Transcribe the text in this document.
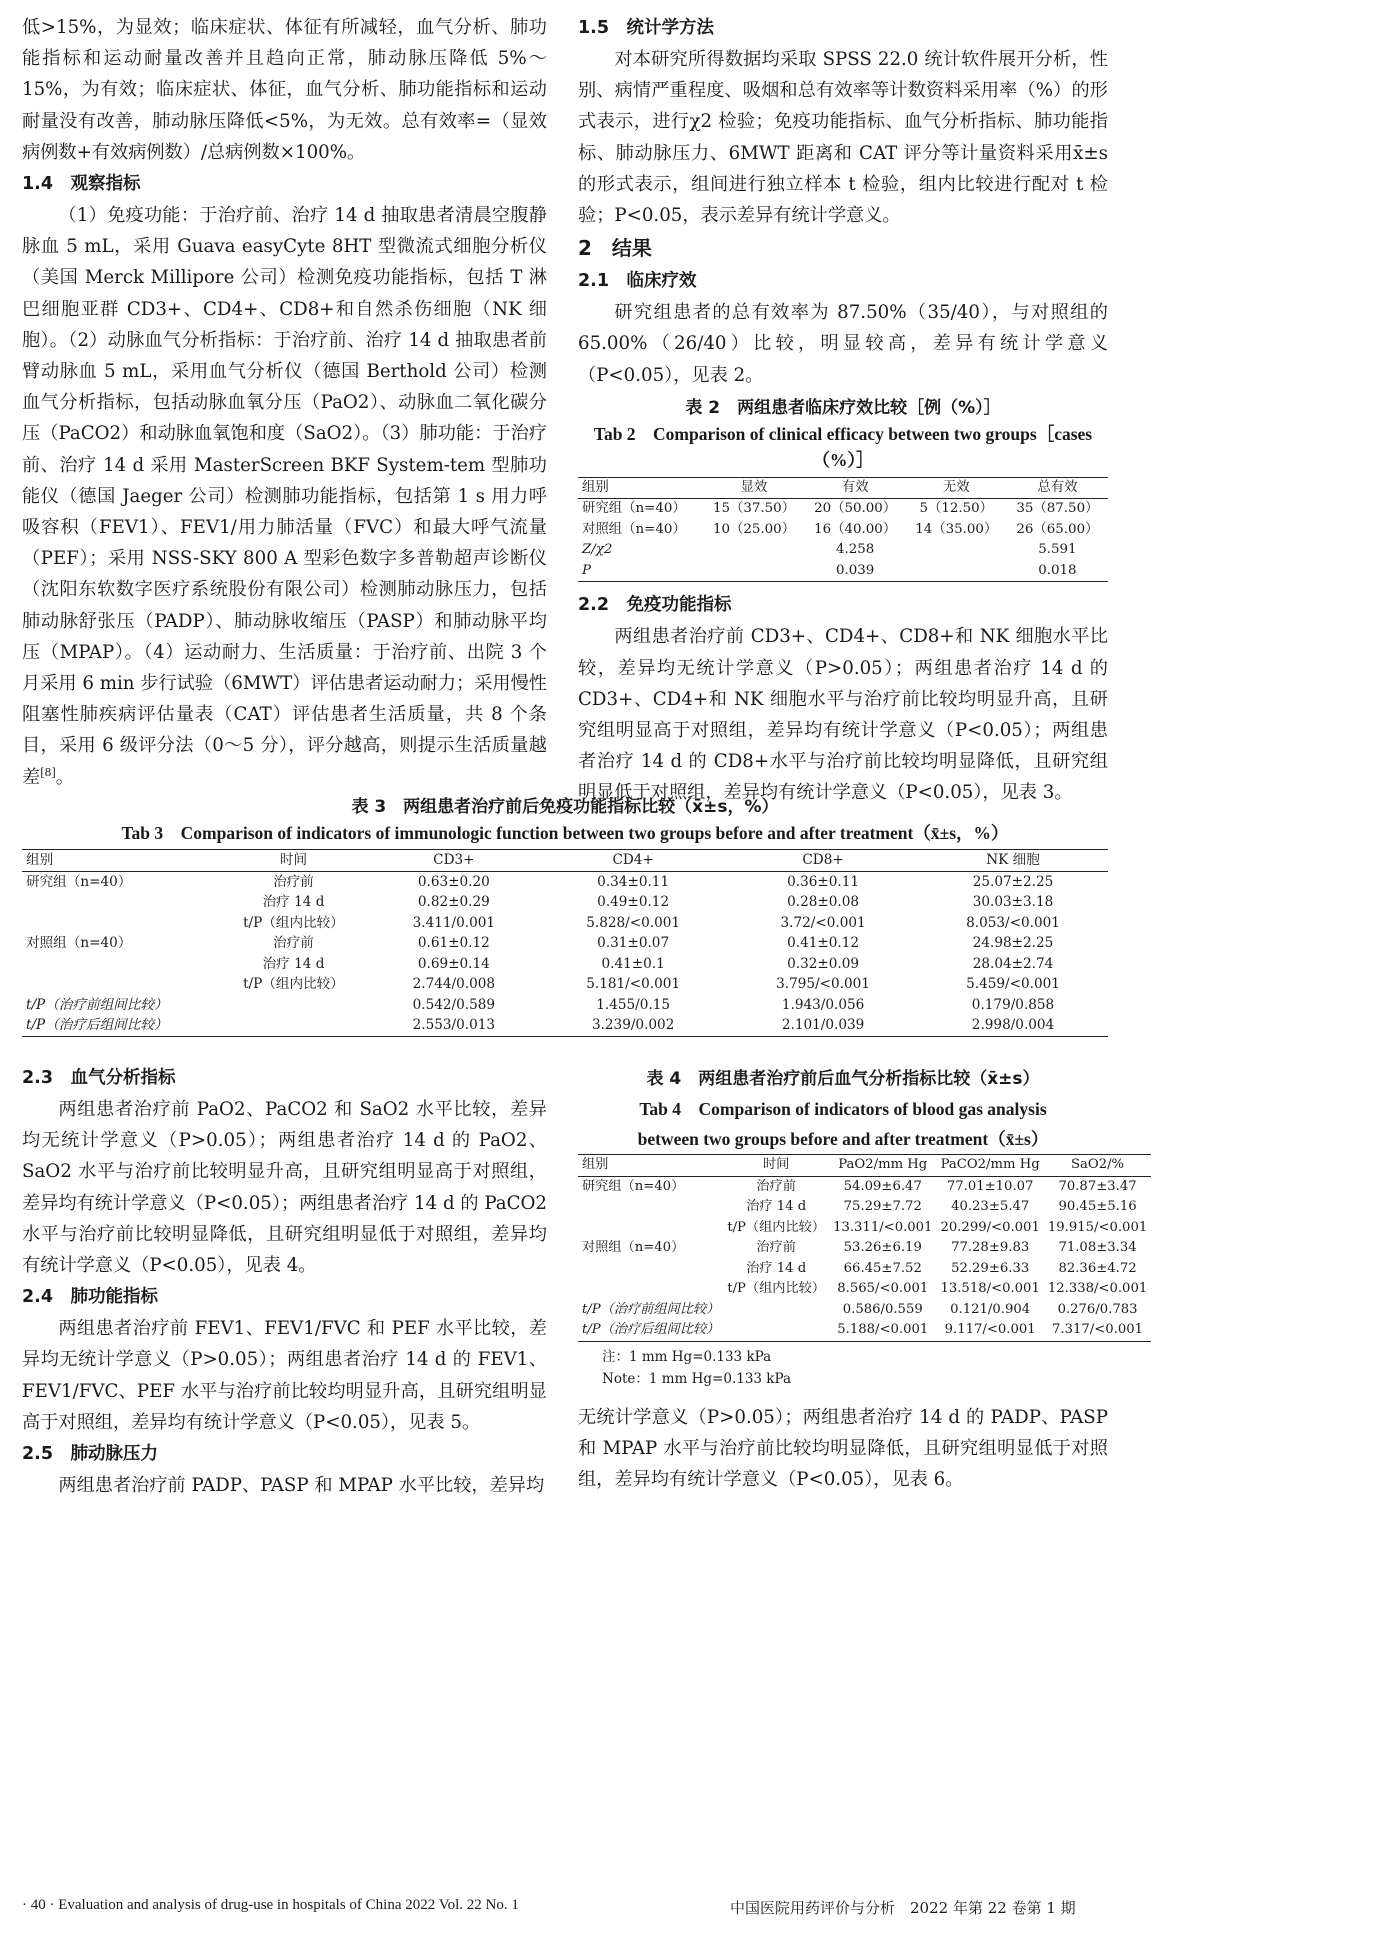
低>15%，为显效；临床症状、体征有所减轻，血气分析、肺功能指标和运动耐量改善并且趋向正常，肺动脉压降低 5%～15%，为有效；临床症状、体征，血气分析、肺功能指标和运动耐量没有改善，肺动脉压降低<5%，为无效。总有效率=（显效病例数+有效病例数）/总病例数×100%。

1.4　观察指标

（1）免疫功能：于治疗前、治疗 14 d 抽取患者清晨空腹静脉血 5 mL，采用 Guava easyCyte 8HT 型微流式细胞分析仪（美国 Merck Millipore 公司）检测免疫功能指标，包括 T 淋巴细胞亚群 CD3+、CD4+、CD8+和自然杀伤细胞（NK 细胞）。（2）动脉血气分析指标：于治疗前、治疗 14 d 抽取患者前臂动脉血 5 mL，采用血气分析仪（德国 Berthold 公司）检测血气分析指标，包括动脉血氧分压（PaO2）、动脉血二氧化碳分压（PaCO2）和动脉血氧饱和度（SaO2）。（3）肺功能：于治疗前、治疗 14 d 采用 MasterScreen BKF System-tem 型肺功能仪（德国 Jaeger 公司）检测肺功能指标，包括第 1 s 用力呼吸容积（FEV1）、FEV1/用力肺活量（FVC）和最大呼气流量（PEF）；采用 NSS-SKY 800 A 型彩色数字多普勒超声诊断仪（沈阳东软数字医疗系统股份有限公司）检测肺动脉压力，包括肺动脉舒张压（PADP）、肺动脉收缩压（PASP）和肺动脉平均压（MPAP）。（4）运动耐力、生活质量：于治疗前、出院 3 个月采用 6 min 步行试验（6MWT）评估患者运动耐力；采用慢性阻塞性肺疾病评估量表（CAT）评估患者生活质量，共 8 个条目，采用 6 级评分法（0～5 分），评分越高，则提示生活质量越差[8]。

1.5　统计学方法

对本研究所得数据均采取 SPSS 22.0 统计软件展开分析，性别、病情严重程度、吸烟和总有效率等计数资料采用率（%）的形式表示，进行χ2 检验；免疫功能指标、血气分析指标、肺功能指标、肺动脉压力、6MWT 距离和 CAT 评分等计量资料采用x̄±s 的形式表示，组间进行独立样本 t 检验，组内比较进行配对 t 检验；P<0.05，表示差异有统计学意义。

2　结果
2.1　临床疗效

研究组患者的总有效率为 87.50%（35/40），与对照组的 65.00%（26/40）比较，明显较高，差异有统计学意义（P<0.05），见表 2。

表 2　两组患者临床疗效比较［例（%）］
Tab 2　Comparison of clinical efficacy between two groups［cases（%）］
组别	显效	有效	无效	总有效
研究组（n=40）	15（37.50）	20（50.00）	5（12.50）	35（87.50）
对照组（n=40）	10（25.00）	16（40.00）	14（35.00）	26（65.00）
Z/χ2		4.258		5.591
P		0.039		0.018
2.2　免疫功能指标

两组患者治疗前 CD3+、CD4+、CD8+和 NK 细胞水平比较，差异均无统计学意义（P>0.05）；两组患者治疗 14 d 的 CD3+、CD4+和 NK 细胞水平与治疗前比较均明显升高，且研究组明显高于对照组，差异均有统计学意义（P<0.05）；两组患者治疗 14 d 的 CD8+水平与治疗前比较均明显降低，且研究组明显低于对照组，差异均有统计学意义（P<0.05），见表 3。

表 3　两组患者治疗前后免疫功能指标比较（x̄±s，%）
Tab 3　Comparison of indicators of immunologic function between two groups before and after treatment（x̄±s，%）
组别	时间	CD3+	CD4+	CD8+	NK 细胞
研究组（n=40）	治疗前	0.63±0.20	0.34±0.11	0.36±0.11	25.07±2.25
	治疗 14 d	0.82±0.29	0.49±0.12	0.28±0.08	30.03±3.18
	t/P（组内比较）	3.411/0.001	5.828/<0.001	3.72/<0.001	8.053/<0.001
对照组（n=40）	治疗前	0.61±0.12	0.31±0.07	0.41±0.12	24.98±2.25
	治疗 14 d	0.69±0.14	0.41±0.1	0.32±0.09	28.04±2.74
	t/P（组内比较）	2.744/0.008	5.181/<0.001	3.795/<0.001	5.459/<0.001
t/P（治疗前组间比较）		0.542/0.589	1.455/0.15	1.943/0.056	0.179/0.858
t/P（治疗后组间比较）		2.553/0.013	3.239/0.002	2.101/0.039	2.998/0.004
2.3　血气分析指标

两组患者治疗前 PaO2、PaCO2 和 SaO2 水平比较，差异均无统计学意义（P>0.05）；两组患者治疗 14 d 的 PaO2、SaO2 水平与治疗前比较明显升高，且研究组明显高于对照组，差异均有统计学意义（P<0.05）；两组患者治疗 14 d 的 PaCO2 水平与治疗前比较明显降低，且研究组明显低于对照组，差异均有统计学意义（P<0.05），见表 4。

2.4　肺功能指标

两组患者治疗前 FEV1、FEV1/FVC 和 PEF 水平比较，差异均无统计学意义（P>0.05）；两组患者治疗 14 d 的 FEV1、FEV1/FVC、PEF 水平与治疗前比较均明显升高，且研究组明显高于对照组，差异均有统计学意义（P<0.05），见表 5。

2.5　肺动脉压力

两组患者治疗前 PADP、PASP 和 MPAP 水平比较，差异均

表 4　两组患者治疗前后血气分析指标比较（x̄±s）
Tab 4　Comparison of indicators of blood gas analysis
between two groups before and after treatment（x̄±s）
组别	时间	PaO2/mm Hg	PaCO2/mm Hg	SaO2/%
研究组（n=40）	治疗前	54.09±6.47	77.01±10.07	70.87±3.47
	治疗 14 d	75.29±7.72	40.23±5.47	90.45±5.16
	t/P（组内比较）	13.311/<0.001	20.299/<0.001	19.915/<0.001
对照组（n=40）	治疗前	53.26±6.19	77.28±9.83	71.08±3.34
	治疗 14 d	66.45±7.52	52.29±6.33	82.36±4.72
	t/P（组内比较）	8.565/<0.001	13.518/<0.001	12.338/<0.001
t/P（治疗前组间比较）		0.586/0.559	0.121/0.904	0.276/0.783
t/P（治疗后组间比较）		5.188/<0.001	9.117/<0.001	7.317/<0.001
注：1 mm Hg=0.133 kPa
Note：1 mm Hg=0.133 kPa

无统计学意义（P>0.05）；两组患者治疗 14 d 的 PADP、PASP 和 MPAP 水平与治疗前比较均明显降低，且研究组明显低于对照组，差异均有统计学意义（P<0.05），见表 6。

· 40 · Evaluation and analysis of drug-use in hospitals of China 2022 Vol. 22 No. 1	中国医院用药评价与分析　2022 年第 22 卷第 1 期
